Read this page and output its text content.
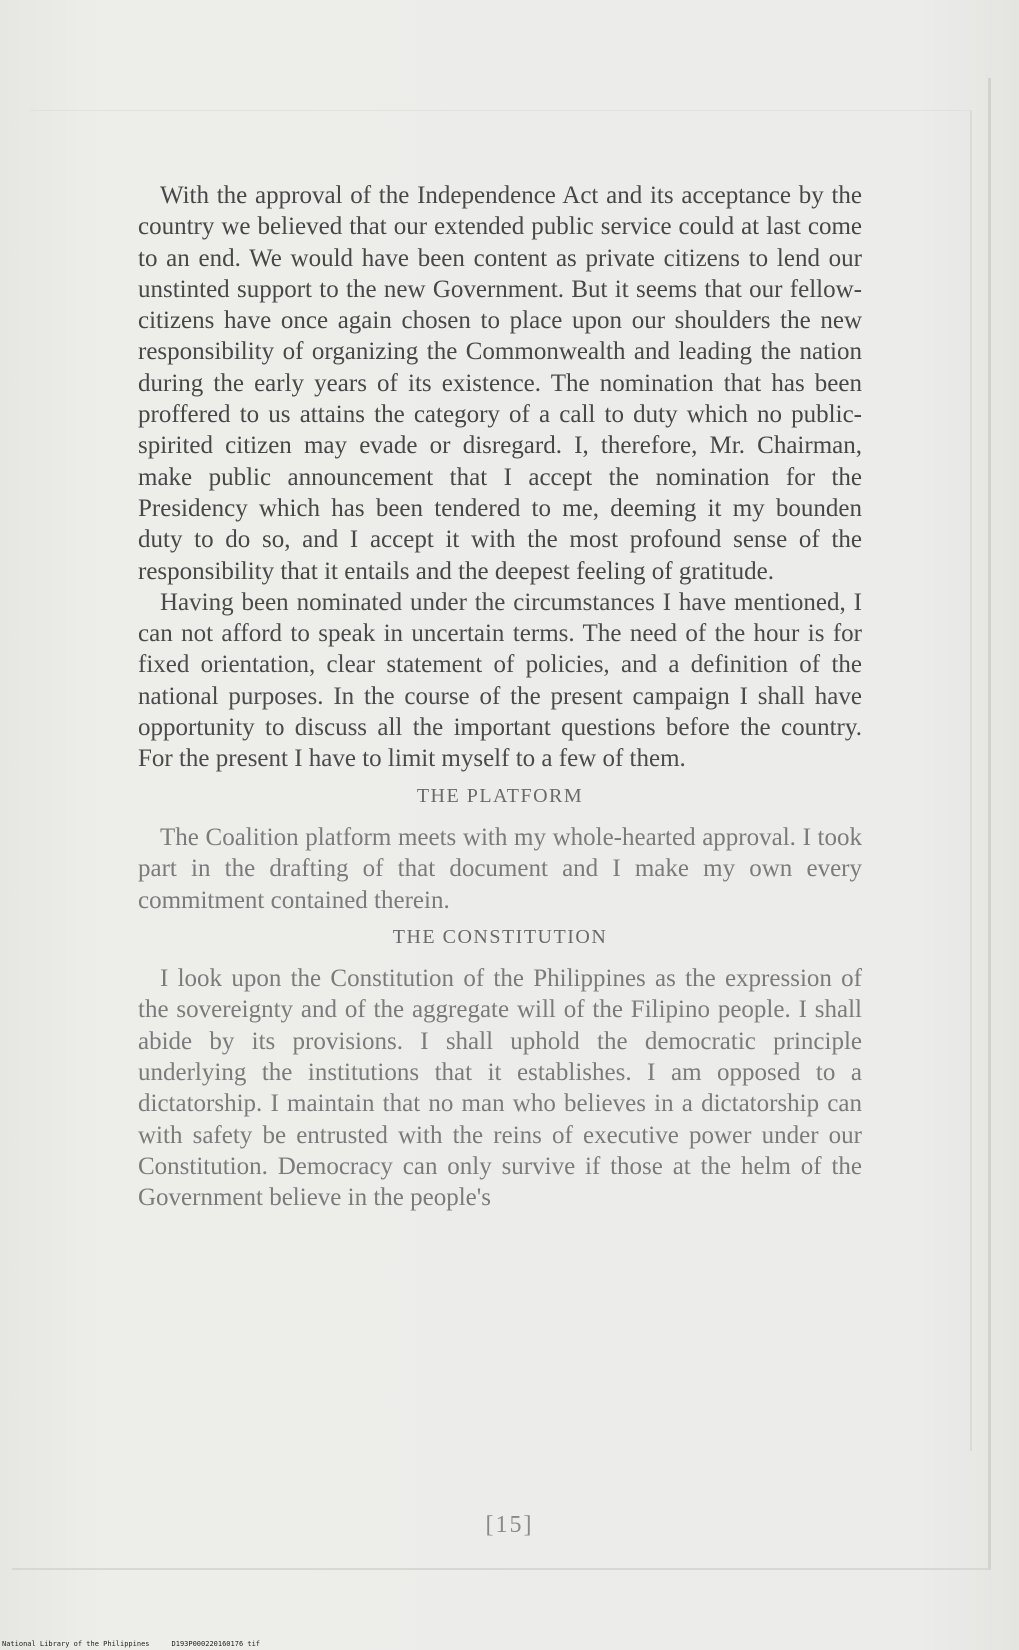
With the approval of the Independence Act and its acceptance by the country we believed that our extended public service could at last come to an end. We would have been content as private citizens to lend our unstinted support to the new Government. But it seems that our fellow-citizens have once again chosen to place upon our shoulders the new responsibility of organizing the Commonwealth and leading the nation during the early years of its existence. The nomination that has been proffered to us attains the category of a call to duty which no public-spirited citizen may evade or disregard. I, therefore, Mr. Chairman, make public announcement that I accept the nomination for the Presidency which has been tendered to me, deeming it my bounden duty to do so, and I accept it with the most profound sense of the responsibility that it entails and the deepest feeling of gratitude.

Having been nominated under the circumstances I have mentioned, I can not afford to speak in uncertain terms. The need of the hour is for fixed orientation, clear statement of policies, and a definition of the national purposes. In the course of the present campaign I shall have opportunity to discuss all the important questions before the country. For the present I have to limit myself to a few of them.

THE PLATFORM

The Coalition platform meets with my whole-hearted approval. I took part in the drafting of that document and I make my own every commitment contained therein.

THE CONSTITUTION

I look upon the Constitution of the Philippines as the expression of the sovereignty and of the aggregate will of the Filipino people. I shall abide by its provisions. I shall uphold the democratic principle underlying the institutions that it establishes. I am opposed to a dictatorship. I maintain that no man who believes in a dictatorship can with safety be entrusted with the reins of executive power under our Constitution. Democracy can only survive if those at the helm of the Government believe in the people's

[15]
National Library of the Philippines	D193P000220160176 tif
